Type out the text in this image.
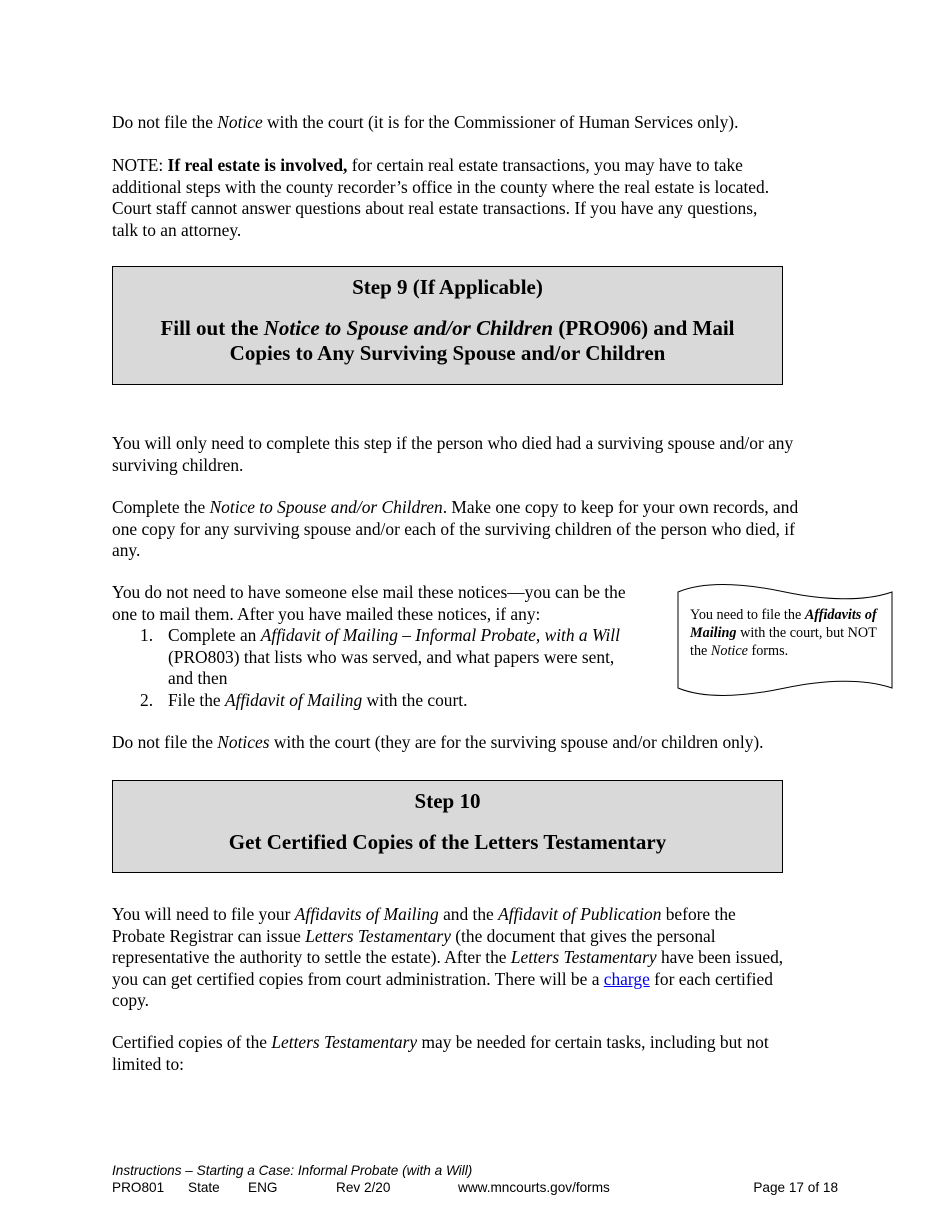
Do not file the Notice with the court (it is for the Commissioner of Human Services only).

NOTE: If real estate is involved, for certain real estate transactions, you may have to take
additional steps with the county recorder’s office in the county where the real estate is located.
Court staff cannot answer questions about real estate transactions. If you have any questions,
talk to an attorney.

Step 9 (If Applicable)
Fill out the Notice to Spouse and/or Children (PRO906) and Mail
Copies to Any Surviving Spouse and/or Children

You will only need to complete this step if the person who died had a surviving spouse and/or any
surviving children.

Complete the Notice to Spouse and/or Children. Make one copy to keep for your own records, and
one copy for any surviving spouse and/or each of the surviving children of the person who died, if
any.

You do not need to have someone else mail these notices—you can be the
one to mail them. After you have mailed these notices, if any:
1. Complete an Affidavit of Mailing – Informal Probate, with a Will
(PRO803) that lists who was served, and what papers were sent,
and then
2. File the Affidavit of Mailing with the court.
You need to file the Affidavits of Mailing with the court, but NOT the Notice forms.

Do not file the Notices with the court (they are for the surviving spouse and/or children only).

Step 10
Get Certified Copies of the Letters Testamentary

You will need to file your Affidavits of Mailing and the Affidavit of Publication before the
Probate Registrar can issue Letters Testamentary (the document that gives the personal
representative the authority to settle the estate). After the Letters Testamentary have been issued,
you can get certified copies from court administration. There will be a charge for each certified
copy.

Certified copies of the Letters Testamentary may be needed for certain tasks, including but not
limited to:

Instructions – Starting a Case: Informal Probate (with a Will)
PRO801 State ENG	Rev 2/20	www.mncourts.gov/forms	Page 17 of 18
